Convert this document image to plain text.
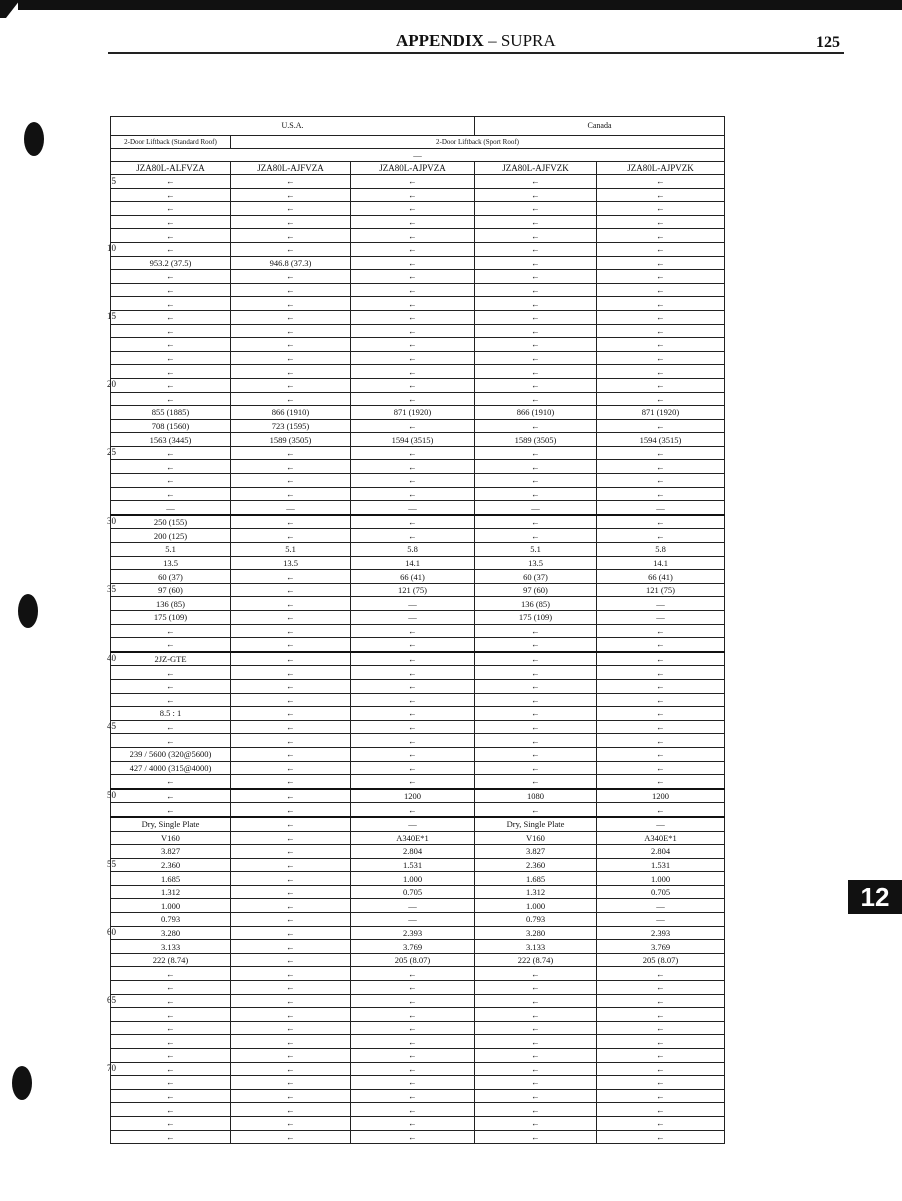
APPENDIX – SUPRA	125
12
5
10
15
20
25
30
35
40
45
50
55
60
65
70
U.S.A.			Canada	
2-Door Liftback (Standard Roof)	2-Door Liftback (Sport Roof)			
—				
JZA80L-ALFVZA	JZA80L-AJFVZA	JZA80L-AJPVZA	JZA80L-AJFVZK	JZA80L-AJPVZK
←	←	←	←	←
←	←	←	←	←
←	←	←	←	←
←	←	←	←	←
←	←	←	←	←
←	←	←	←	←
953.2 (37.5)	946.8 (37.3)	←	←	←
←	←	←	←	←
←	←	←	←	←
←	←	←	←	←
←	←	←	←	←
←	←	←	←	←
←	←	←	←	←
←	←	←	←	←
←	←	←	←	←
←	←	←	←	←
←	←	←	←	←
855 (1885)	866 (1910)	871 (1920)	866 (1910)	871 (1920)
708 (1560)	723 (1595)	←	←	←
1563 (3445)	1589 (3505)	1594 (3515)	1589 (3505)	1594 (3515)
←	←	←	←	←
←	←	←	←	←
←	←	←	←	←
←	←	←	←	←
—	—	—	—	—
250 (155)	←	←	←	←
200 (125)	←	←	←	←
5.1	5.1	5.8	5.1	5.8
13.5	13.5	14.1	13.5	14.1
60 (37)	←	66 (41)	60 (37)	66 (41)
97 (60)	←	121 (75)	97 (60)	121 (75)
136 (85)	←	—	136 (85)	—
175 (109)	←	—	175 (109)	—
←	←	←	←	←
←	←	←	←	←
2JZ-GTE	←	←	←	←
←	←	←	←	←
←	←	←	←	←
←	←	←	←	←
8.5 : 1	←	←	←	←
←	←	←	←	←
←	←	←	←	←
239 / 5600 (320@5600)	←	←	←	←
427 / 4000 (315@4000)	←	←	←	←
←	←	←	←	←
←	←	1200	1080	1200
←	←	←	←	←
Dry, Single Plate	←	—	Dry, Single Plate	—
V160	←	A340E*1	V160	A340E*1
3.827	←	2.804	3.827	2.804
2.360	←	1.531	2.360	1.531
1.685	←	1.000	1.685	1.000
1.312	←	0.705	1.312	0.705
1.000	←	—	1.000	—
0.793	←	—	0.793	—
3.280	←	2.393	3.280	2.393
3.133	←	3.769	3.133	3.769
222 (8.74)	←	205 (8.07)	222 (8.74)	205 (8.07)
←	←	←	←	←
←	←	←	←	←
←	←	←	←	←
←	←	←	←	←
←	←	←	←	←
←	←	←	←	←
←	←	←	←	←
←	←	←	←	←
←	←	←	←	←
←	←	←	←	←
←	←	←	←	←
←	←	←	←	←
←	←	←	←	←
